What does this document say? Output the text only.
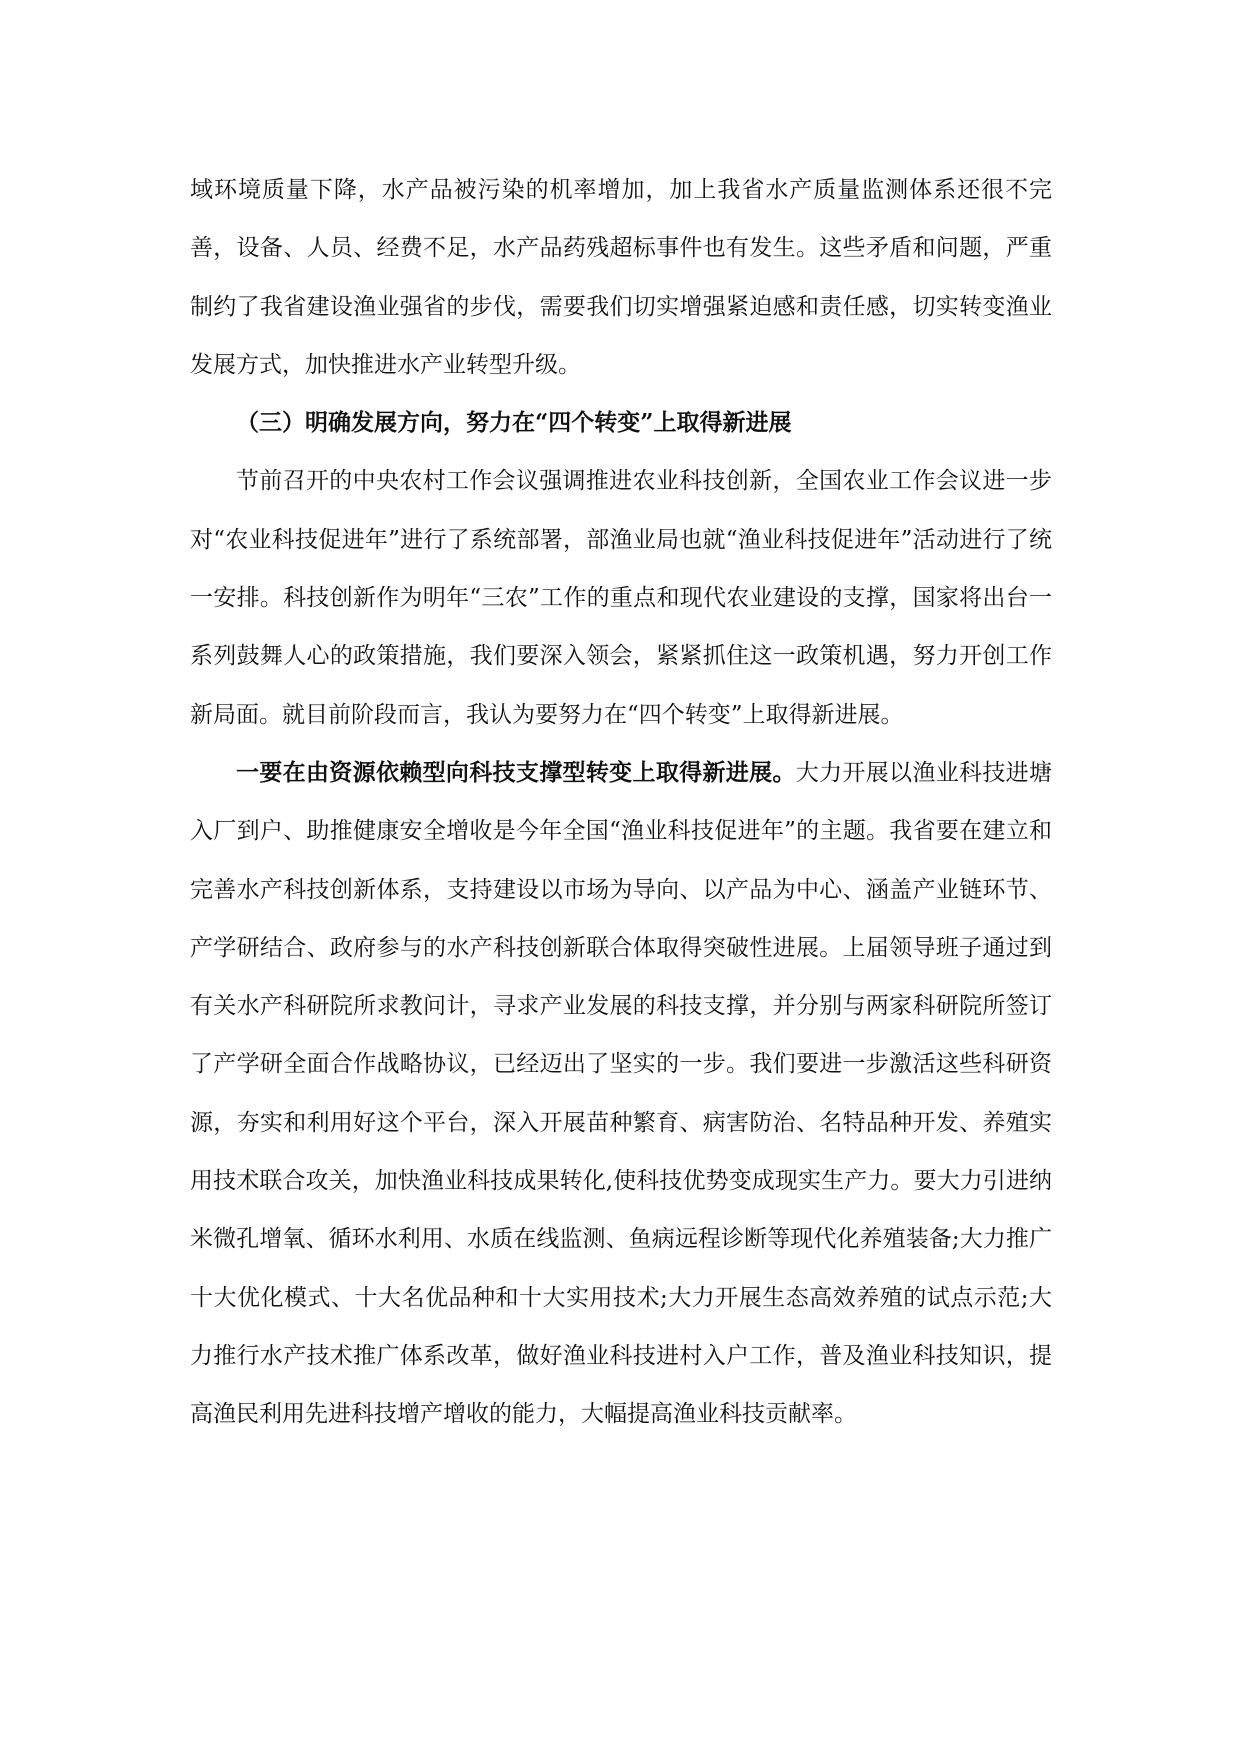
域环境质量下降，水产品被污染的机率增加，加上我省水产质量监测体系还很不完善，设备、人员、经费不足，水产品药残超标事件也有发生。这些矛盾和问题，严重制约了我省建设渔业强省的步伐，需要我们切实增强紧迫感和责任感，切实转变渔业发展方式，加快推进水产业转型升级。

（三）明确发展方向，努力在“四个转变”上取得新进展

节前召开的中央农村工作会议强调推进农业科技创新，全国农业工作会议进一步对“农业科技促进年”进行了系统部署，部渔业局也就“渔业科技促进年”活动进行了统一安排。科技创新作为明年“三农”工作的重点和现代农业建设的支撑，国家将出台一系列鼓舞人心的政策措施，我们要深入领会，紧紧抓住这一政策机遇，努力开创工作新局面。就目前阶段而言，我认为要努力在“四个转变”上取得新进展。

一要在由资源依赖型向科技支撑型转变上取得新进展。大力开展以渔业科技进塘入厂到户、助推健康安全增收是今年全国“渔业科技促进年”的主题。我省要在建立和完善水产科技创新体系，支持建设以市场为导向、以产品为中心、涵盖产业链环节、产学研结合、政府参与的水产科技创新联合体取得突破性进展。上届领导班子通过到有关水产科研院所求教问计，寻求产业发展的科技支撑，并分别与两家科研院所签订了产学研全面合作战略协议，已经迈出了坚实的一步。我们要进一步激活这些科研资源，夯实和利用好这个平台，深入开展苗种繁育、病害防治、名特品种开发、养殖实用技术联合攻关，加快渔业科技成果转化,使科技优势变成现实生产力。要大力引进纳米微孔增氧、循环水利用、水质在线监测、鱼病远程诊断等现代化养殖装备;大力推广十大优化模式、十大名优品种和十大实用技术;大力开展生态高效养殖的试点示范;大力推行水产技术推广体系改革，做好渔业科技进村入户工作，普及渔业科技知识，提高渔民利用先进科技增产增收的能力，大幅提高渔业科技贡献率。
